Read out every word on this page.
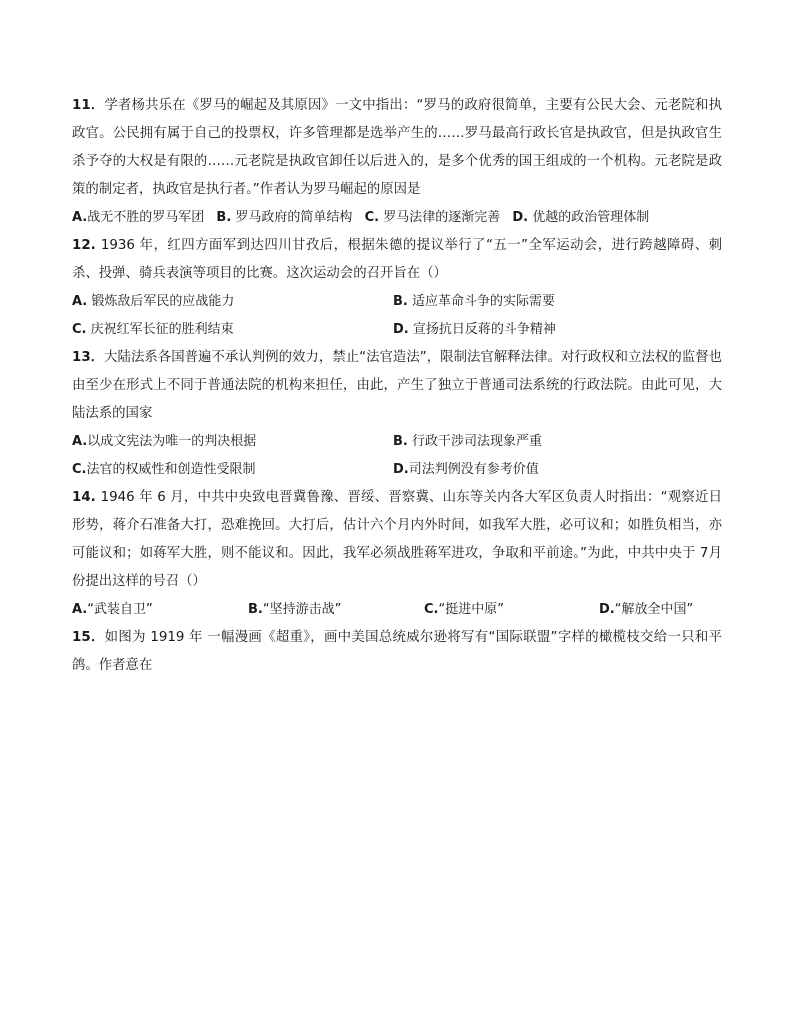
11．学者杨共乐在《罗马的崛起及其原因》一文中指出：“罗马的政府很简单，主要有公民大会、元老院和执政官。公民拥有属于自己的投票权，许多管理都是选举产生的……罗马最高行政长官是执政官，但是执政官生杀予夺的大权是有限的……元老院是执政官卸任以后进入的，是多个优秀的国王组成的一个机构。元老院是政策的制定者，执政官是执行者。”作者认为罗马崛起的原因是

A.战无不胜的罗马军团 B. 罗马政府的简单结构 C. 罗马法律的逐渐完善 D. 优越的政治管理体制

12. 1936 年，红四方面军到达四川甘孜后，根据朱德的提议举行了“五一”全军运动会，进行跨越障碍、刺杀、投弹、骑兵表演等项目的比赛。这次运动会的召开旨在（）

A. 锻炼敌后军民的应战能力	B. 适应革命斗争的实际需要
C. 庆祝红军长征的胜利结束	D. 宣扬抗日反蒋的斗争精神

13．大陆法系各国普遍不承认判例的效力，禁止“法官造法”，限制法官解释法律。对行政权和立法权的监督也由至少在形式上不同于普通法院的机构来担任，由此，产生了独立于普通司法系统的行政法院。由此可见，大陆法系的国家

A.以成文宪法为唯一的判决根据	B. 行政干涉司法现象严重
C.法官的权威性和创造性受限制	D.司法判例没有参考价值

14. 1946 年 6 月，中共中央致电晋冀鲁豫、晋绥、晋察冀、山东等关内各大军区负责人时指出：“观察近日形势，蒋介石准备大打，恐难挽回。大打后，估计六个月内外时间，如我军大胜，必可议和；如胜负相当，亦可能议和；如蒋军大胜，则不能议和。因此，我军必须战胜蒋军进攻，争取和平前途。”为此，中共中央于 7月份提出这样的号召（）

A.“武装自卫”	B.“坚持游击战”	C.“挺进中原”	D.“解放全中国”

15．如图为 1919 年 一幅漫画《超重》，画中美国总统威尔逊将写有“国际联盟”字样的橄榄枝交给一只和平鸽。作者意在
